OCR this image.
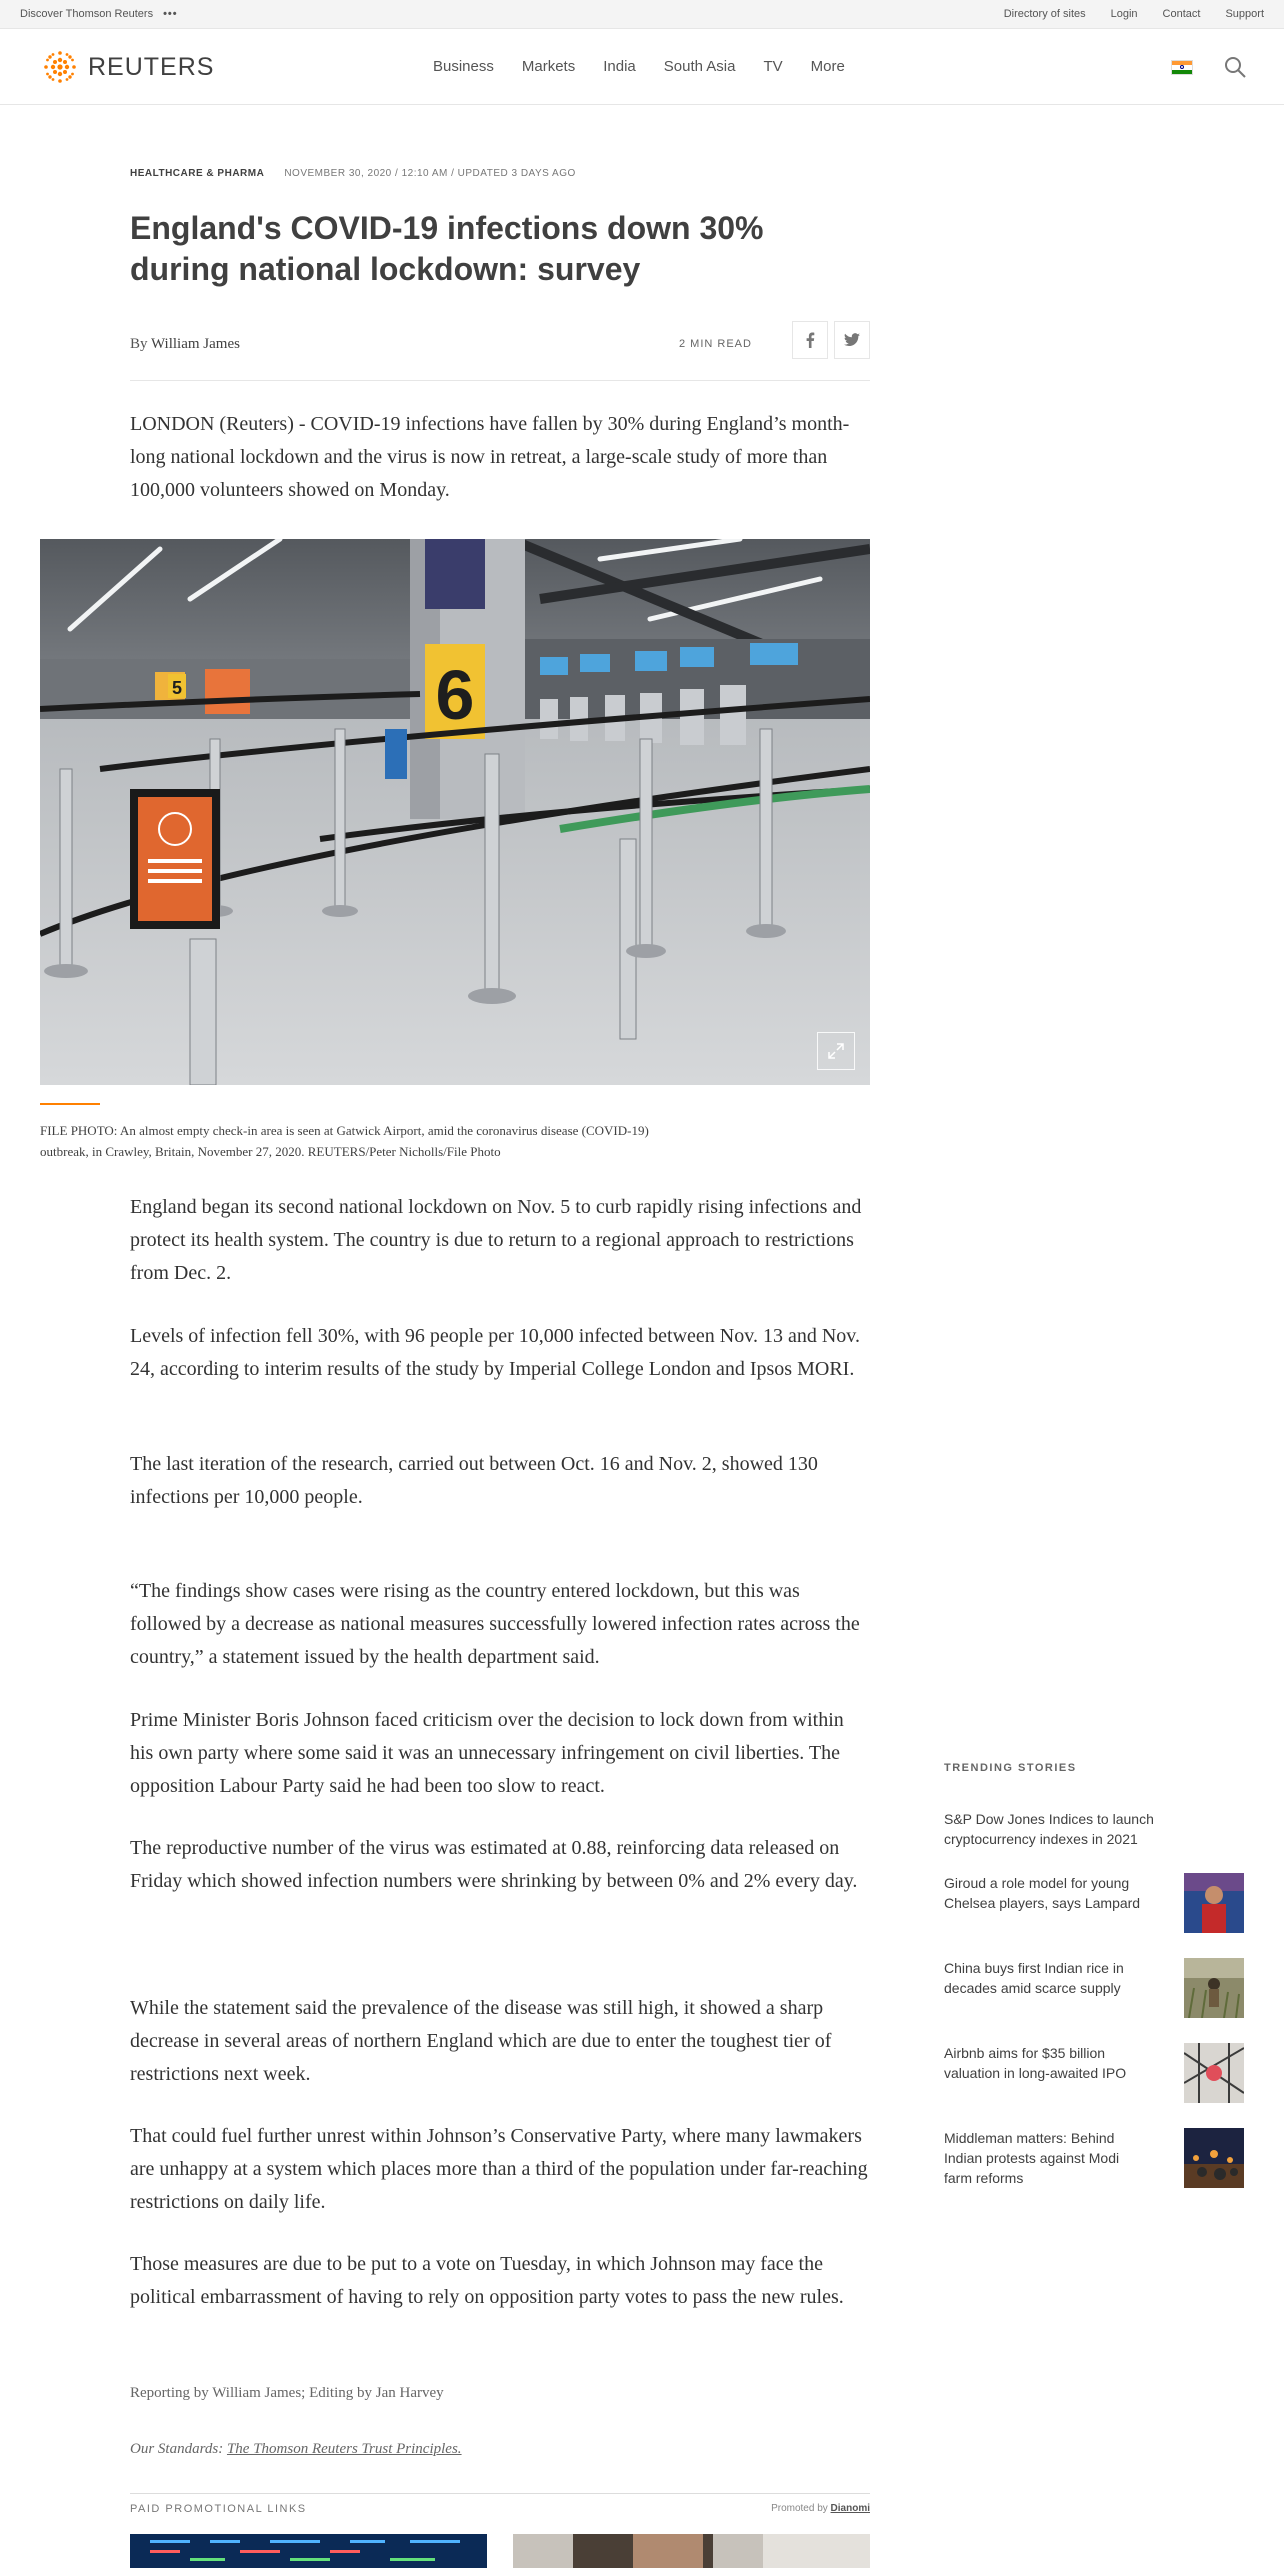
Discover Thomson Reuters •••	Directory of sites Login Contact Support
REUTERS	Business Markets India South Asia TV More
HEALTHCARE & PHARMA NOVEMBER 30, 2020 / 12:10 AM / UPDATED 3 DAYS AGO
England's COVID-19 infections down 30% during national lockdown: survey
By William James	2 MIN READ

LONDON (Reuters) - COVID-19 infections have fallen by 30% during England’s month-long national lockdown and the virus is now in retreat, a large-scale study of more than 100,000 volunteers showed on Monday.

6
5

FILE PHOTO: An almost empty check-in area is seen at Gatwick Airport, amid the coronavirus disease (COVID-19) outbreak, in Crawley, Britain, November 27, 2020. REUTERS/Peter Nicholls/File Photo

England began its second national lockdown on Nov. 5 to curb rapidly rising infections and protect its health system. The country is due to return to a regional approach to restrictions from Dec. 2.

Levels of infection fell 30%, with 96 people per 10,000 infected between Nov. 13 and Nov. 24, according to interim results of the study by Imperial College London and Ipsos MORI.

The last iteration of the research, carried out between Oct. 16 and Nov. 2, showed 130 infections per 10,000 people.

“The findings show cases were rising as the country entered lockdown, but this was followed by a decrease as national measures successfully lowered infection rates across the country,” a statement issued by the health department said.

Prime Minister Boris Johnson faced criticism over the decision to lock down from within his own party where some said it was an unnecessary infringement on civil liberties. The opposition Labour Party said he had been too slow to react.

The reproductive number of the virus was estimated at 0.88, reinforcing data released on Friday which showed infection numbers were shrinking by between 0% and 2% every day.

While the statement said the prevalence of the disease was still high, it showed a sharp decrease in several areas of northern England which are due to enter the toughest tier of restrictions next week.

That could fuel further unrest within Johnson’s Conservative Party, where many lawmakers are unhappy at a system which places more than a third of the population under far-reaching restrictions on daily life.

Those measures are due to be put to a vote on Tuesday, in which Johnson may face the political embarrassment of having to rely on opposition party votes to pass the new rules.

Reporting by William James; Editing by Jan Harvey

Our Standards: The Thomson Reuters Trust Principles.

PAID PROMOTIONAL LINKS	Promoted by Dianomi
TRENDING STORIES
S&P Dow Jones Indices to launch cryptocurrency indexes in 2021
Giroud a role model for young Chelsea players, says Lampard
China buys first Indian rice in decades amid scarce supply
Airbnb aims for $35 billion valuation in long-awaited IPO
Middleman matters: Behind Indian protests against Modi farm reforms
